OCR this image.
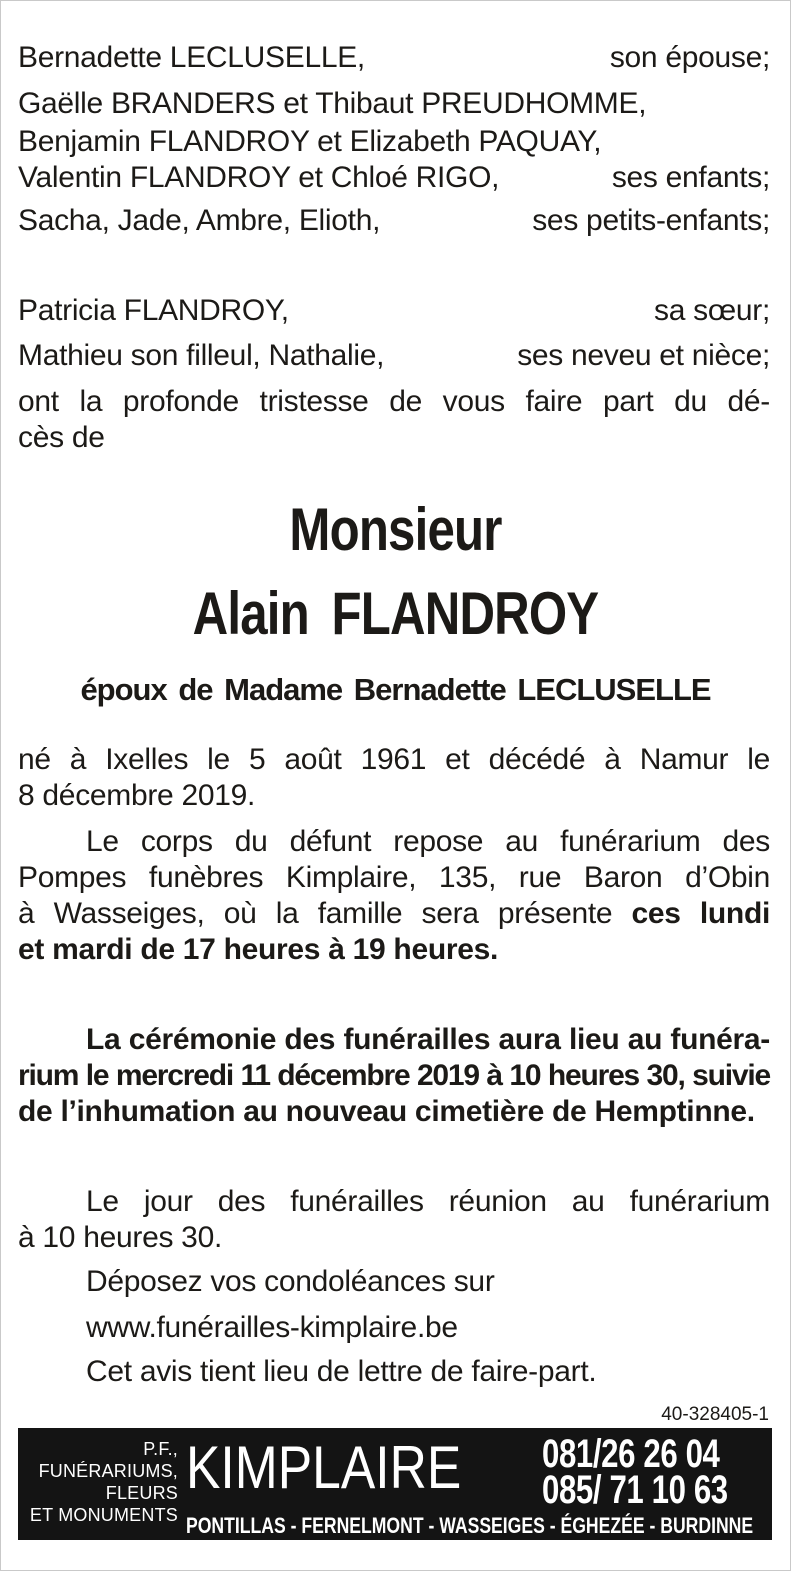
Bernadette LECLUSELLE,	son épouse;
Gaëlle BRANDERS et Thibaut PREUDHOMME,
Benjamin FLANDROY et Elizabeth PAQUAY,
Valentin FLANDROY et Chloé RIGO,	ses enfants;
Sacha, Jade, Ambre, Elioth,	ses petits-enfants;
Patricia FLANDROY,	sa sœur;
Mathieu son filleul, Nathalie,	ses neveu et nièce;
ont la profonde tristesse de vous faire part du dé-
cès de
Monsieur
Alain FLANDROY
époux de Madame Bernadette LECLUSELLE
né à Ixelles le 5 août 1961 et décédé à Namur le
8 décembre 2019.
Le corps du défunt repose au funérarium des
Pompes funèbres Kimplaire, 135, rue Baron d’Obin
à Wasseiges, où la famille sera présente ces lundi
et mardi de 17 heures à 19 heures.
La cérémonie des funérailles aura lieu au funéra-
rium le mercredi 11 décembre 2019 à 10 heures 30, suivie
de l’inhumation au nouveau cimetière de Hemptinne.
Le jour des funérailles réunion au funérarium
à 10 heures 30.
Déposez vos condoléances sur
www.funérailles-kimplaire.be
Cet avis tient lieu de lettre de faire-part.
40-328405-1
P.F.,
FUNÉRARIUMS,
FLEURS
ET MONUMENTS
KIMPLAIRE 081/26 26 04
085/ 71 10 63
PONTILLAS - FERNELMONT - WASSEIGES - ÉGHEZÉE - BURDINNE
